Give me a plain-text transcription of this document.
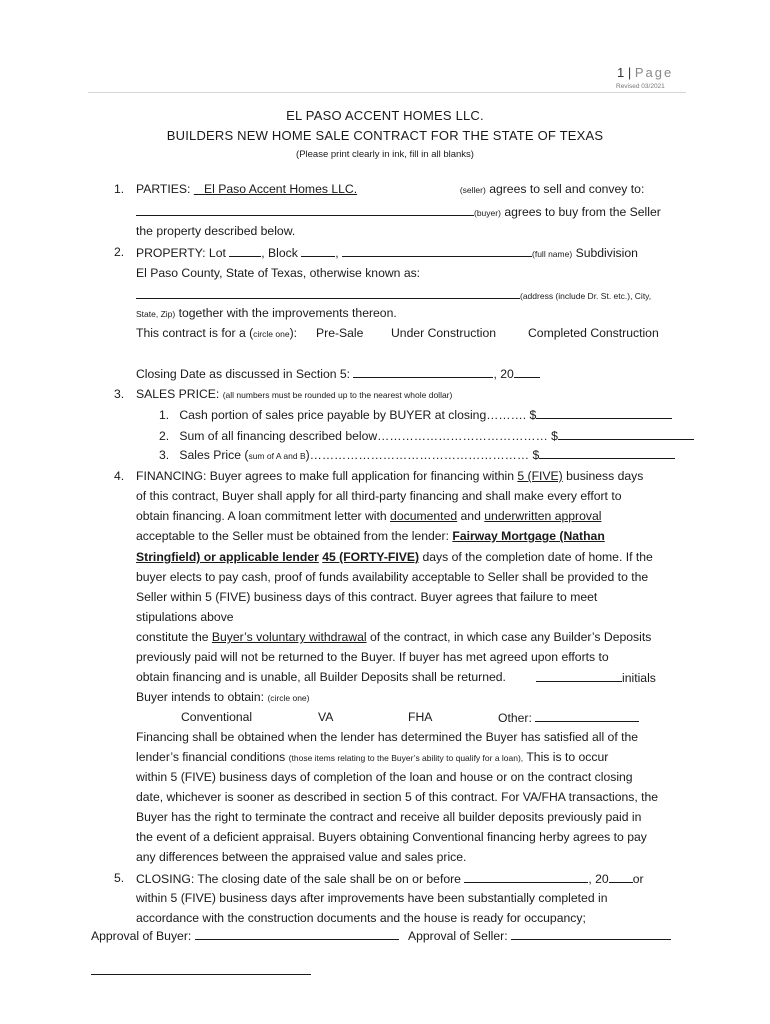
1 | Page
Revised 03/2021
EL PASO ACCENT HOMES LLC.
BUILDERS NEW HOME SALE CONTRACT FOR THE STATE OF TEXAS
(Please print clearly in ink, fill in all blanks)
1. PARTIES: El Paso Accent Homes LLC.	(seller) agrees to sell and convey to:
(buyer) agrees to buy from the Seller
the property described below.
2. PROPERTY: Lot	, Block	,	(full name) Subdivision
El Paso County, State of Texas, otherwise known as:
(address (include Dr. St. etc.), City,
State, Zip) together with the improvements thereon.
This contract is for a (circle one): Pre-Sale Under Construction	Completed Construction
Closing Date as discussed in Section 5:	, 20
3. SALES PRICE: (all numbers must be rounded up to the nearest whole dollar)
1. Cash portion of sales price payable by BUYER at closing………. $
2. Sum of all financing described below…………………………………… $
3. Sales Price (sum of A and B)……………………………………………… $
4. FINANCING: Buyer agrees to make full application for financing within 5 (FIVE) business days
of this contract, Buyer shall apply for all third-party financing and shall make every effort to
obtain financing. A loan commitment letter with documented and underwritten approval
acceptable to the Seller must be obtained from the lender: Fairway Mortgage (Nathan
Stringfield) or applicable lender 45 (FORTY-FIVE) days of the completion date of home. If the
buyer elects to pay cash, proof of funds availability acceptable to Seller shall be provided to the
Seller within 5 (FIVE) business days of this contract. Buyer agrees that failure to meet
stipulations above
constitute the Buyer’s voluntary withdrawal of the contract, in which case any Builder’s Deposits
previously paid will not be returned to the Buyer. If buyer has met agreed upon efforts to
obtain financing and is unable, all Builder Deposits shall be returned.	initials
Buyer intends to obtain: (circle one)
Conventional	VA	FHA	Other:
Financing shall be obtained when the lender has determined the Buyer has satisfied all of the
lender’s financial conditions (those items relating to the Buyer’s ability to qualify for a loan), This is to occur
within 5 (FIVE) business days of completion of the loan and house or on the contract closing
date, whichever is sooner as described in section 5 of this contract. For VA/FHA transactions, the
Buyer has the right to terminate the contract and receive all builder deposits previously paid in
the event of a deficient appraisal. Buyers obtaining Conventional financing herby agrees to pay
any differences between the appraised value and sales price.
5. CLOSING: The closing date of the sale shall be on or before	, 20 or
within 5 (FIVE) business days after improvements have been substantially completed in
accordance with the construction documents and the house is ready for occupancy;
Approval of Buyer:	Approval of Seller:
